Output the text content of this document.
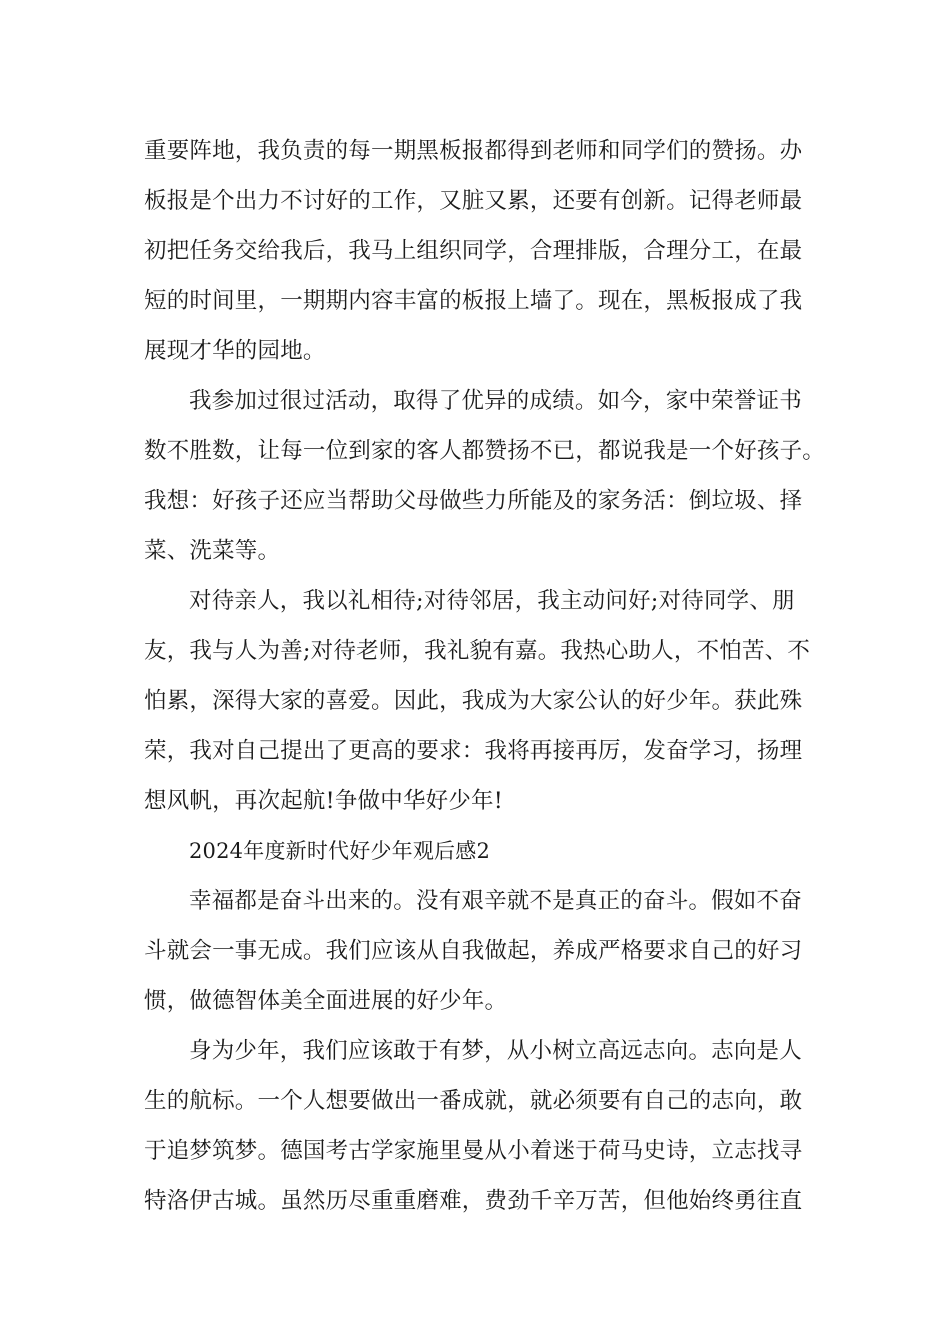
重要阵地，我负责的每一期黑板报都得到老师和同学们的赞扬。办
板报是个出力不讨好的工作，又脏又累，还要有创新。记得老师最
初把任务交给我后，我马上组织同学，合理排版，合理分工，在最
短的时间里，一期期内容丰富的板报上墙了。现在，黑板报成了我
展现才华的园地。
我参加过很过活动，取得了优异的成绩。如今，家中荣誉证书
数不胜数，让每一位到家的客人都赞扬不已，都说我是一个好孩子。
我想：好孩子还应当帮助父母做些力所能及的家务活：倒垃圾、择
菜、洗菜等。
对待亲人，我以礼相待;对待邻居，我主动问好;对待同学、朋
友，我与人为善;对待老师，我礼貌有嘉。我热心助人，不怕苦、不
怕累，深得大家的喜爱。因此，我成为大家公认的好少年。获此殊
荣，我对自己提出了更高的要求：我将再接再厉，发奋学习，扬理
想风帆，再次起航!争做中华好少年!
2024年度新时代好少年观后感2
幸福都是奋斗出来的。没有艰辛就不是真正的奋斗。假如不奋
斗就会一事无成。我们应该从自我做起，养成严格要求自己的好习
惯，做德智体美全面进展的好少年。
身为少年，我们应该敢于有梦，从小树立高远志向。志向是人
生的航标。一个人想要做出一番成就，就必须要有自己的志向，敢
于追梦筑梦。德国考古学家施里曼从小着迷于荷马史诗，立志找寻
特洛伊古城。虽然历尽重重磨难，费劲千辛万苦，但他始终勇往直
